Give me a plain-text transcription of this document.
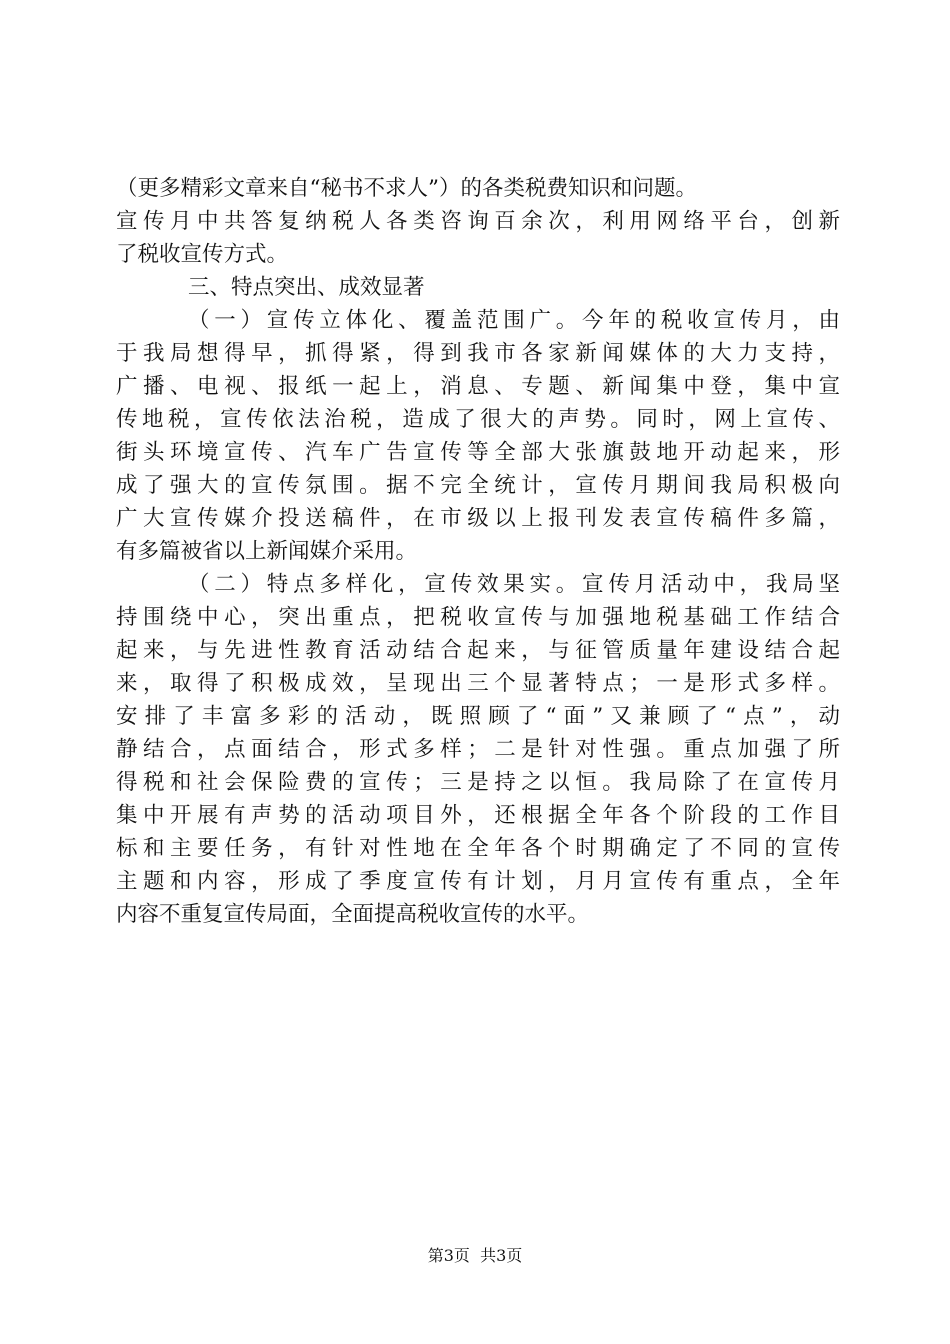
（更多精彩文章来自“秘书不求人”）的各类税费知识和问题。
宣传月中共答复纳税人各类咨询百余次，利用网络平台，创新
了税收宣传方式。
三、特点突出、成效显著
（一）宣传立体化、覆盖范围广。今年的税收宣传月，由
于我局想得早，抓得紧，得到我市各家新闻媒体的大力支持，
广播、电视、报纸一起上，消息、专题、新闻集中登，集中宣
传地税，宣传依法治税，造成了很大的声势。同时，网上宣传、
街头环境宣传、汽车广告宣传等全部大张旗鼓地开动起来，形
成了强大的宣传氛围。据不完全统计，宣传月期间我局积极向
广大宣传媒介投送稿件，在市级以上报刊发表宣传稿件多篇，
有多篇被省以上新闻媒介采用。
（二）特点多样化，宣传效果实。宣传月活动中，我局坚
持围绕中心，突出重点，把税收宣传与加强地税基础工作结合
起来，与先进性教育活动结合起来，与征管质量年建设结合起
来，取得了积极成效，呈现出三个显著特点；一是形式多样。
安排了丰富多彩的活动，既照顾了“面”又兼顾了“点”，动
静结合，点面结合，形式多样；二是针对性强。重点加强了所
得税和社会保险费的宣传；三是持之以恒。我局除了在宣传月
集中开展有声势的活动项目外，还根据全年各个阶段的工作目
标和主要任务，有针对性地在全年各个时期确定了不同的宣传
主题和内容，形成了季度宣传有计划，月月宣传有重点，全年
内容不重复宣传局面，全面提高税收宣传的水平。
第3页  共3页
